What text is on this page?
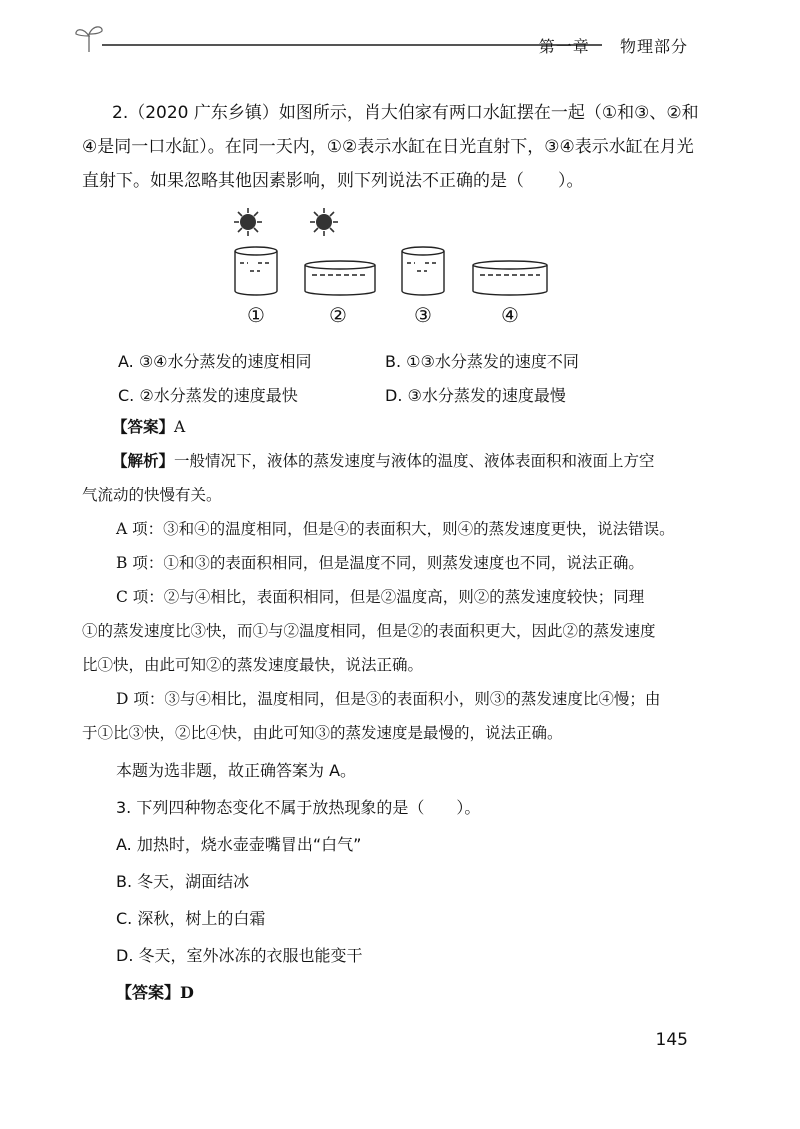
第一章 物理部分
2.（2020 广东乡镇）如图所示，肖大伯家有两口水缸摆在一起（①和③、②和
④是同一口水缸）。在同一天内，①②表示水缸在日光直射下，③④表示水缸在月光
直射下。如果忽略其他因素影响，则下列说法不正确的是（　　）。
①	②	③	④
A. ③④水分蒸发的速度相同	B. ①③水分蒸发的速度不同
C. ②水分蒸发的速度最快	D. ③水分蒸发的速度最慢

【答案】A

【解析】一般情况下，液体的蒸发速度与液体的温度、液体表面积和液面上方空

气流动的快慢有关。

A 项：③和④的温度相同，但是④的表面积大，则④的蒸发速度更快，说法错误。

B 项：①和③的表面积相同，但是温度不同，则蒸发速度也不同，说法正确。

C 项：②与④相比，表面积相同，但是②温度高，则②的蒸发速度较快；同理

①的蒸发速度比③快，而①与②温度相同，但是②的表面积更大，因此②的蒸发速度

比①快，由此可知②的蒸发速度最快，说法正确。

D 项：③与④相比，温度相同，但是③的表面积小，则③的蒸发速度比④慢；由

于①比③快，②比④快，由此可知③的蒸发速度是最慢的，说法正确。

本题为选非题，故正确答案为 A。
3. 下列四种物态变化不属于放热现象的是（　　）。
A. 加热时，烧水壶壶嘴冒出“白气”
B. 冬天，湖面结冰
C. 深秋，树上的白霜
D. 冬天，室外冰冻的衣服也能变干
【答案】D
145
